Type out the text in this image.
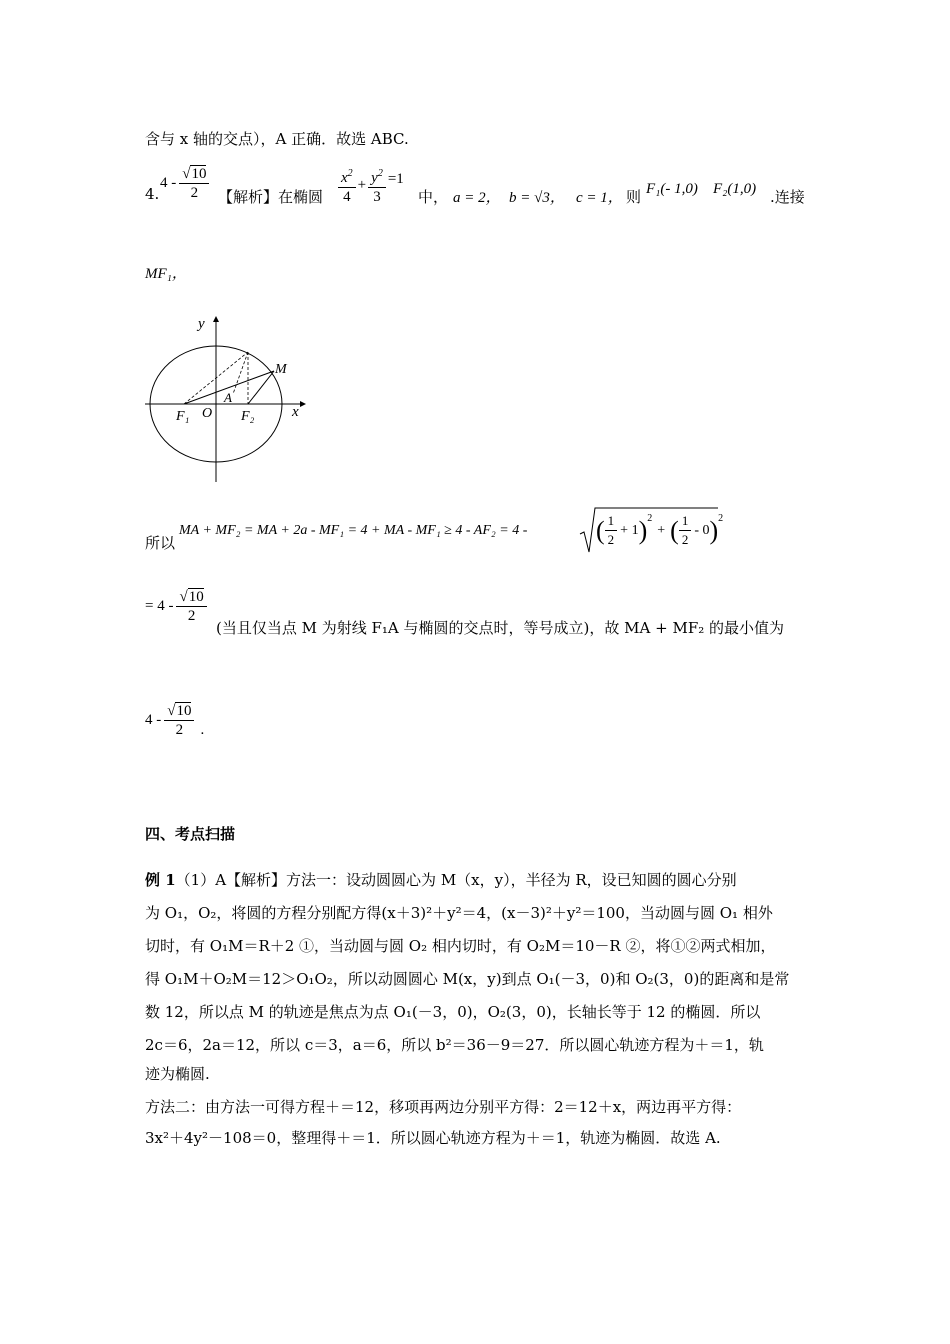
含与 x 轴的交点），A 正确．故选 ABC.
4.
$4 - \frac{√10}{2}$ 【解析】在椭圆 $\frac{x^2}{4} + \frac{y^2}{3} =1$
中， a = 2， b = √3， c = 1， 则 F₁(- 1,0) F₂(1,0) .连接
MF₁，
y
x
M
O
A
F₁	F₂
所以
MA + MF₂ = MA + 2a - MF₁ = 4 + MA - MF₁ ≥ 4 - AF₂ = 4 -	( $\frac{1}{2} + 1$ )$^2$
+ ( $\frac{1}{2} - 0$ )$^2$
= $4 - \frac{√10}{2}$
(当且仅当点 M 为射线 F₁A 与椭圆的交点时，等号成立)，故 MA + MF₂ 的最小值为
$4 - \frac{√10}{2}$ .
四、考点扫描
例 1（1）A【解析】方法一：设动圆圆心为 M（x，y），半径为 R，设已知圆的圆心分别
为 O₁，O₂，将圆的方程分别配方得(x＋3)²＋y²＝4，(x－3)²＋y²＝100，当动圆与圆 O₁ 相外
切时，有 O₁M＝R＋2 ①，当动圆与圆 O₂ 相内切时，有 O₂M＝10－R ②，将①②两式相加，
得 O₁M＋O₂M＝12＞O₁O₂，所以动圆圆心 M(x，y)到点 O₁(－3，0)和 O₂(3，0)的距离和是常
数 12，所以点 M 的轨迹是焦点为点 O₁(－3，0)，O₂(3，0)，长轴长等于 12 的椭圆．所以
2c＝6，2a＝12，所以 c＝3，a＝6，所以 b²＝36－9＝27．所以圆心轨迹方程为＋＝1，轨
迹为椭圆.
方法二：由方法一可得方程＋＝12，移项再两边分别平方得：2＝12＋x，两边再平方得：
3x²＋4y²－108＝0，整理得＋＝1．所以圆心轨迹方程为＋＝1，轨迹为椭圆．故选 A.
